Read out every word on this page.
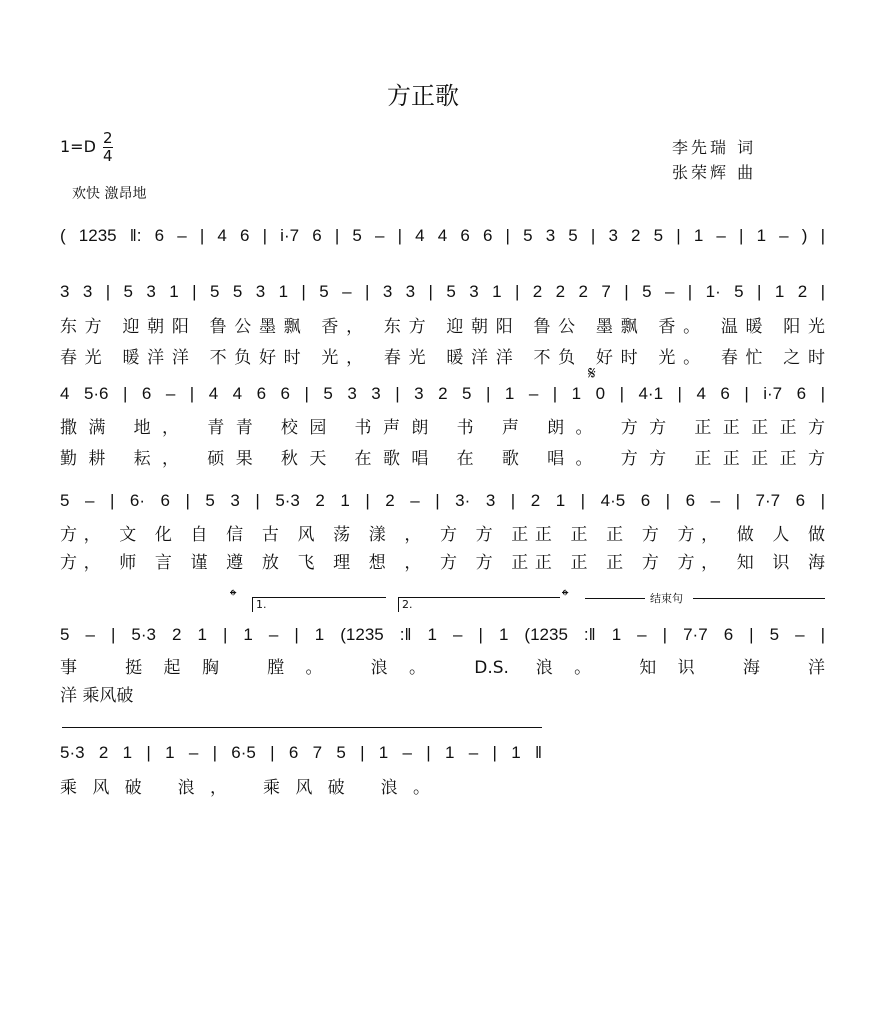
方正歌
$1=D \frac{2}{4}$	李先瑞 词
张荣辉 曲
欢快 激昂地
( 1235 ‖: 6 – | 4 6 | i·7 6 | 5 – | 4 4 6 6 | 5 3 5 | 3 2 5 | 1 – | 1 – ) |
3 3 | 5 3 1 | 5 5 3 1 | 5 – | 3 3 | 5 3 1 | 2 2 2 7 | 5 – | 1· 5 | 1 2 |
东方 迎朝阳 鲁公墨飘 香， 东方 迎朝阳 鲁公 墨飘 香。 温暖 阳光
春光 暖洋洋 不负好时 光， 春光 暖洋洋 不负 好时 光。 春忙 之时
𝄋
4 5·6 | 6 – | 4 4 6 6 | 5 3 3 | 3 2 5 | 1 – | 1 0 | 4·1 | 4 6 | i·7 6 |
撒满 地， 青青 校园 书声朗 书 声 朗。 方方 正正正正方
勤耕 耘， 硕果 秋天 在歌唱 在 歌 唱。 方方 正正正正方
5 – | 6· 6 | 5 3 | 5·3 2 1 | 2 – | 3· 3 | 2 1 | 4·5 6 | 6 – | 7·7 6 |
方， 文 化 自 信 古 风 荡 漾 ， 方 方 正正 正 正 方 方， 做 人 做
方， 师 言 谨 遵 放 飞 理 想 ， 方 方 正正 正 正 方 方， 知 识 海
𝄌	1.	2.	𝄌	结束句
5 – | 5·3 2 1 | 1 – | 1 (1235 :‖ 1 – | 1 (1235 :‖ 1 – | 7·7 6 | 5 – |
事 挺起胸 膛。 浪。 D.S. 浪。 知识 海 洋
洋 乘风破
5·3 2 1 | 1 – | 6·5 | 6 7 5 | 1 – | 1 – | 1 ‖
乘风破 浪， 乘风破 浪。
